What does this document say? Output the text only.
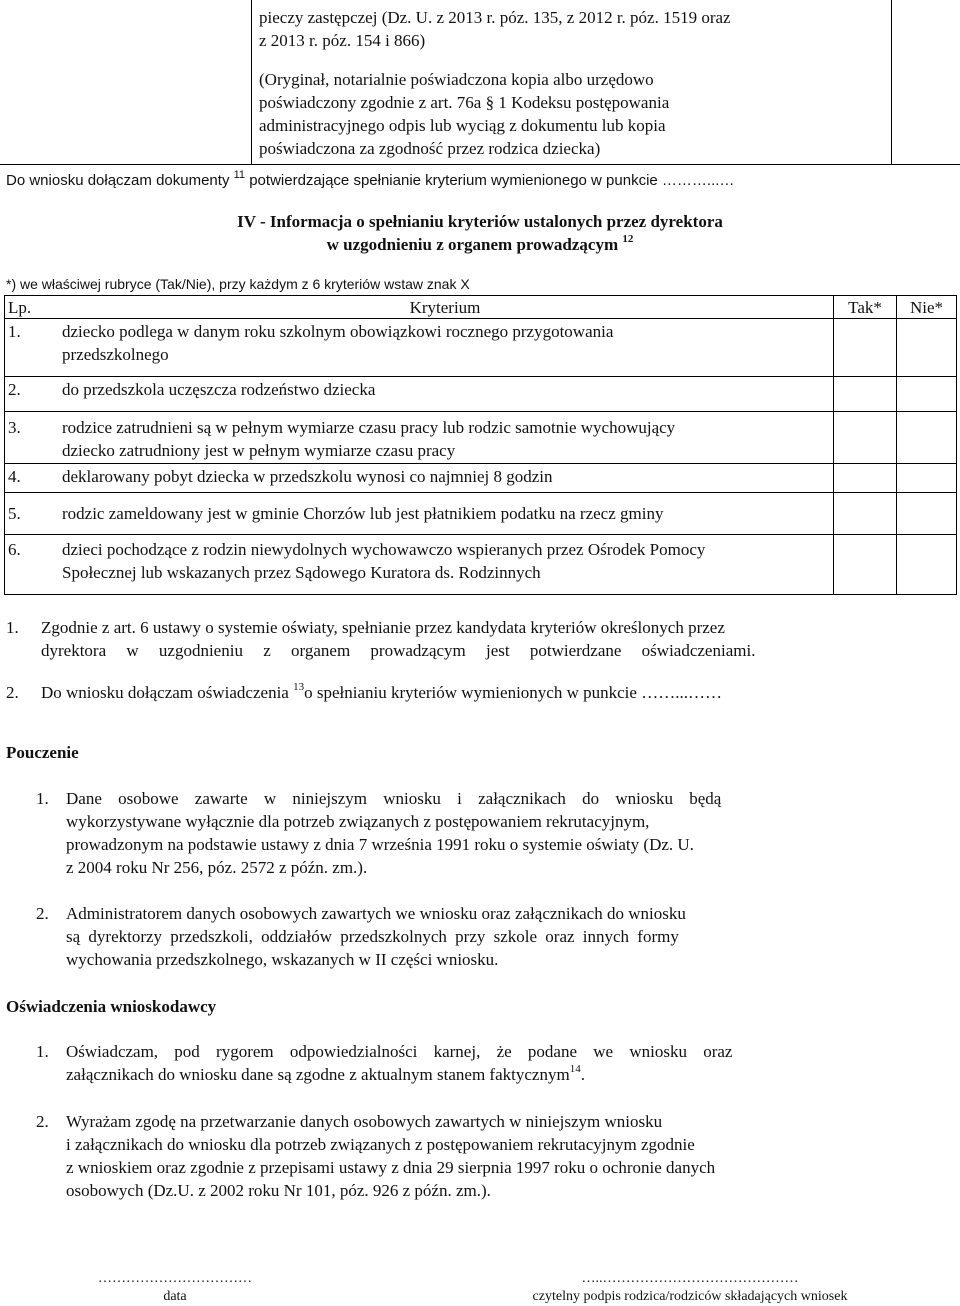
pieczy zastępczej (Dz. U. z 2013 r. póz. 135, z 2012 r. póz. 1519 oraz
z 2013 r. póz. 154 i 866)
(Oryginał, notarialnie poświadczona kopia albo urzędowo
poświadczony zgodnie z art. 76a § 1 Kodeksu postępowania
administracyjnego odpis lub wyciąg z dokumentu lub kopia
poświadczona za zgodność przez rodzica dziecka)
Do wniosku dołączam dokumenty $^{11}$ potwierdzające spełnianie kryterium wymienionego w punkcie ………...…
IV - Informacja o spełnianiu kryteriów ustalonych przez dyrektora
w uzgodnieniu z organem prowadzącym $^{12}$
*) we właściwej rubryce (Tak/Nie), przy każdym z 6 kryteriów wstaw znak X
Lp.	Kryterium	Tak*	Nie*
1. dziecko podlega w danym roku szkolnym obowiązkowi rocznego przygotowania
przedszkolnego
2. do przedszkola uczęszcza rodzeństwo dziecka
3. rodzice zatrudnieni są w pełnym wymiarze czasu pracy lub rodzic samotnie wychowujący
dziecko zatrudniony jest w pełnym wymiarze czasu pracy
4. deklarowany pobyt dziecka w przedszkolu wynosi co najmniej 8 godzin
5. rodzic zameldowany jest w gminie Chorzów lub jest płatnikiem podatku na rzecz gminy
6. dzieci pochodzące z rodzin niewydolnych wychowawczo wspieranych przez Ośrodek Pomocy
Społecznej lub wskazanych przez Sądowego Kuratora ds. Rodzinnych
1. Zgodnie z art. 6 ustawy o systemie oświaty, spełnianie przez kandydata kryteriów określonych przez
dyrektora w uzgodnieniu z organem prowadzącym jest potwierdzane oświadczeniami.
2. Do wniosku dołączam oświadczenia $^{13}$o spełnianiu kryteriów wymienionych w punkcie ……...……
Pouczenie
1. Dane osobowe zawarte w niniejszym wniosku i załącznikach do wniosku będą
wykorzystywane wyłącznie dla potrzeb związanych z postępowaniem rekrutacyjnym,
prowadzonym na podstawie ustawy z dnia 7 września 1991 roku o systemie oświaty (Dz. U.
z 2004 roku Nr 256, póz. 2572 z późn. zm.).
2. Administratorem danych osobowych zawartych we wniosku oraz załącznikach do wniosku
są dyrektorzy przedszkoli, oddziałów przedszkolnych przy szkole oraz innych formy
wychowania przedszkolnego, wskazanych w II części wniosku.
Oświadczenia wnioskodawcy
1. Oświadczam, pod rygorem odpowiedzialności karnej, że podane we wniosku oraz
załącznikach do wniosku dane są zgodne z aktualnym stanem faktycznym$^{14}$.
2. Wyrażam zgodę na przetwarzanie danych osobowych zawartych w niniejszym wniosku
i załącznikach do wniosku dla potrzeb związanych z postępowaniem rekrutacyjnym zgodnie
z wnioskiem oraz zgodnie z przepisami ustawy z dnia 29 sierpnia 1997 roku o ochronie danych
osobowych (Dz.U. z 2002 roku Nr 101, póz. 926 z późn. zm.).
……………………………
data
…..……………………………………
czytelny podpis rodzica/rodziców składających wniosek
